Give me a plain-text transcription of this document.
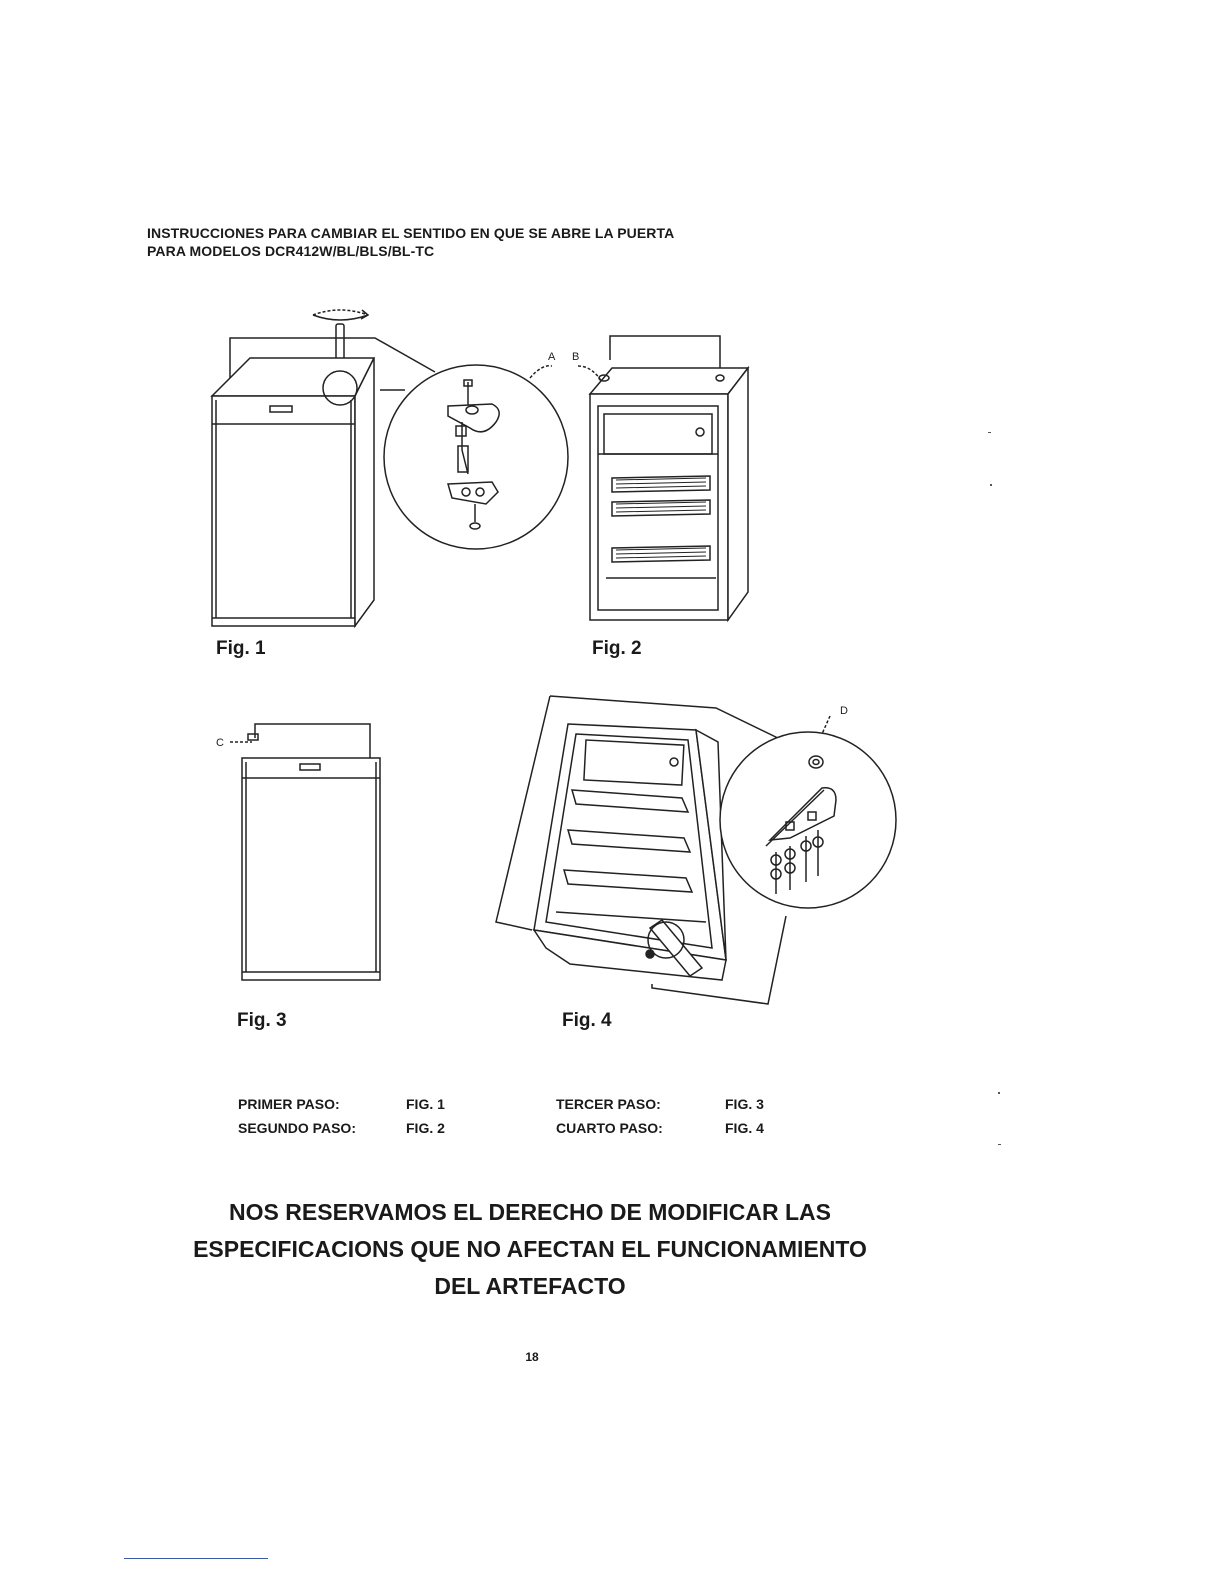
INSTRUCCIONES PARA CAMBIAR EL SENTIDO EN QUE SE ABRE LA PUERTA
PARA MODELOS DCR412W/BL/BLS/BL-TC
Fig. 1
A B
Fig. 2
C
Fig. 3
D
Fig. 4
PRIMER PASO:	FIG. 1
SEGUNDO PASO:	FIG. 2
TERCER PASO:	FIG. 3
CUARTO PASO:	FIG. 4
NOS RESERVAMOS EL DERECHO DE MODIFICAR LAS
ESPECIFICACIONS QUE NO AFECTAN EL FUNCIONAMIENTO
DEL ARTEFACTO
18
